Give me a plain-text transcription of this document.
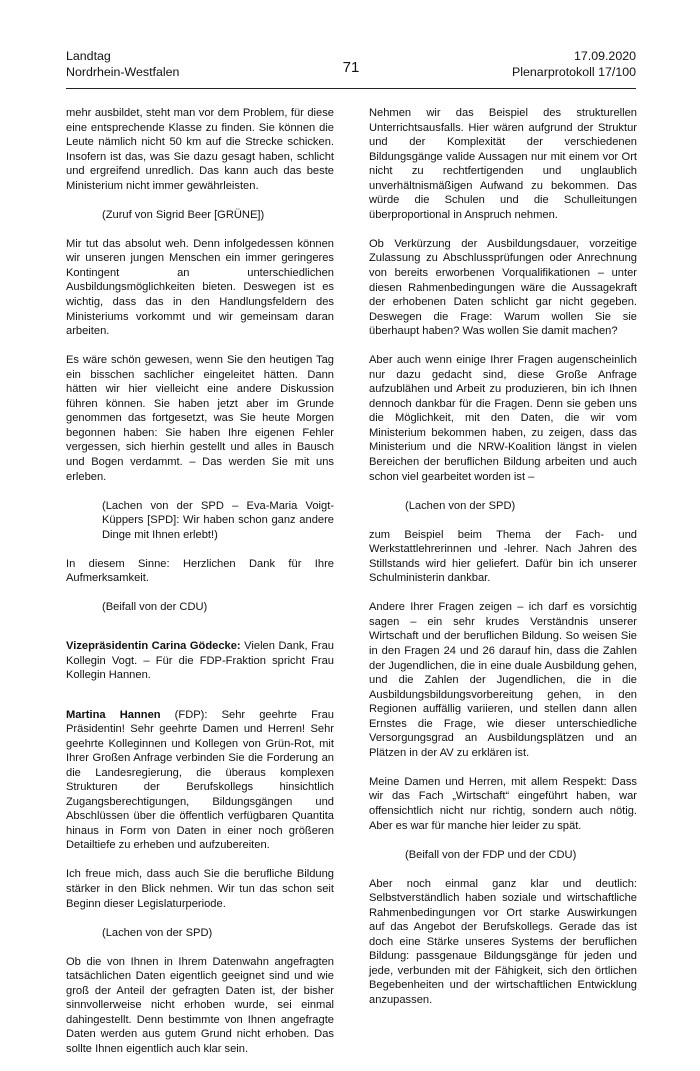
Landtag
Nordrhein-Westfalen	71
17.09.2020
Plenarprotokoll 17/100

mehr ausbildet, steht man vor dem Problem, für diese eine entsprechende Klasse zu finden. Sie können die Leute nämlich nicht 50 km auf die Strecke schicken. Insofern ist das, was Sie dazu gesagt haben, schlicht und ergreifend unredlich. Das kann auch das beste Ministerium nicht immer gewährleisten.

(Zuruf von Sigrid Beer [GRÜNE])

Mir tut das absolut weh. Denn infolgedessen können wir unseren jungen Menschen ein immer geringeres Kontingent an unterschiedlichen Ausbildungsmöglichkeiten bieten. Deswegen ist es wichtig, dass das in den Handlungsfeldern des Ministeriums vorkommt und wir gemeinsam daran arbeiten.

Es wäre schön gewesen, wenn Sie den heutigen Tag ein bisschen sachlicher eingeleitet hätten. Dann hätten wir hier vielleicht eine andere Diskussion führen können. Sie haben jetzt aber im Grunde genommen das fortgesetzt, was Sie heute Morgen begonnen haben: Sie haben Ihre eigenen Fehler vergessen, sich hierhin gestellt und alles in Bausch und Bogen verdammt. – Das werden Sie mit uns erleben.

(Lachen von der SPD – Eva-Maria Voigt-Küppers [SPD]: Wir haben schon ganz andere Dinge mit Ihnen erlebt!)

In diesem Sinne: Herzlichen Dank für Ihre Aufmerksamkeit.

(Beifall von der CDU)

Vizepräsidentin Carina Gödecke: Vielen Dank, Frau Kollegin Vogt. – Für die FDP-Fraktion spricht Frau Kollegin Hannen.

Martina Hannen (FDP): Sehr geehrte Frau Präsidentin! Sehr geehrte Damen und Herren! Sehr geehrte Kolleginnen und Kollegen von Grün-Rot, mit Ihrer Großen Anfrage verbinden Sie die Forderung an die Landesregierung, die überaus komplexen Strukturen der Berufskollegs hinsichtlich Zugangsberechtigungen, Bildungsgängen und Abschlüssen über die öffentlich verfügbaren Quantita hinaus in Form von Daten in einer noch größeren Detailtiefe zu erheben und aufzubereiten.

Ich freue mich, dass auch Sie die berufliche Bildung stärker in den Blick nehmen. Wir tun das schon seit Beginn dieser Legislaturperiode.

(Lachen von der SPD)

Ob die von Ihnen in Ihrem Datenwahn angefragten tatsächlichen Daten eigentlich geeignet sind und wie groß der Anteil der gefragten Daten ist, der bisher sinnvollerweise nicht erhoben wurde, sei einmal dahingestellt. Denn bestimmte von Ihnen angefragte Daten werden aus gutem Grund nicht erhoben. Das sollte Ihnen eigentlich auch klar sein.

Nehmen wir das Beispiel des strukturellen Unterrichtsausfalls. Hier wären aufgrund der Struktur und der Komplexität der verschiedenen Bildungsgänge valide Aussagen nur mit einem vor Ort nicht zu rechtfertigenden und unglaublich unverhältnismäßigen Aufwand zu bekommen. Das würde die Schulen und die Schulleitungen überproportional in Anspruch nehmen.

Ob Verkürzung der Ausbildungsdauer, vorzeitige Zulassung zu Abschlussprüfungen oder Anrechnung von bereits erworbenen Vorqualifikationen – unter diesen Rahmenbedingungen wäre die Aussagekraft der erhobenen Daten schlicht gar nicht gegeben. Deswegen die Frage: Warum wollen Sie sie überhaupt haben? Was wollen Sie damit machen?

Aber auch wenn einige Ihrer Fragen augenscheinlich nur dazu gedacht sind, diese Große Anfrage aufzublähen und Arbeit zu produzieren, bin ich Ihnen dennoch dankbar für die Fragen. Denn sie geben uns die Möglichkeit, mit den Daten, die wir vom Ministerium bekommen haben, zu zeigen, dass das Ministerium und die NRW-Koalition längst in vielen Bereichen der beruflichen Bildung arbeiten und auch schon viel gearbeitet worden ist –

(Lachen von der SPD)

zum Beispiel beim Thema der Fach- und Werkstattlehrerinnen und -lehrer. Nach Jahren des Stillstands wird hier geliefert. Dafür bin ich unserer Schulministerin dankbar.

Andere Ihrer Fragen zeigen – ich darf es vorsichtig sagen – ein sehr krudes Verständnis unserer Wirtschaft und der beruflichen Bildung. So weisen Sie in den Fragen 24 und 26 darauf hin, dass die Zahlen der Jugendlichen, die in eine duale Ausbildung gehen, und die Zahlen der Jugendlichen, die in die Ausbildungsbildungsvorbereitung gehen, in den Regionen auffällig variieren, und stellen dann allen Ernstes die Frage, wie dieser unterschiedliche Versorgungsgrad an Ausbildungsplätzen und an Plätzen in der AV zu erklären ist.

Meine Damen und Herren, mit allem Respekt: Dass wir das Fach „Wirtschaft“ eingeführt haben, war offensichtlich nicht nur richtig, sondern auch nötig. Aber es war für manche hier leider zu spät.

(Beifall von der FDP und der CDU)

Aber noch einmal ganz klar und deutlich: Selbstverständlich haben soziale und wirtschaftliche Rahmenbedingungen vor Ort starke Auswirkungen auf das Angebot der Berufskollegs. Gerade das ist doch eine Stärke unseres Systems der beruflichen Bildung: passgenaue Bildungsgänge für jeden und jede, verbunden mit der Fähigkeit, sich den örtlichen Begebenheiten und der wirtschaftlichen Entwicklung anzupassen.
